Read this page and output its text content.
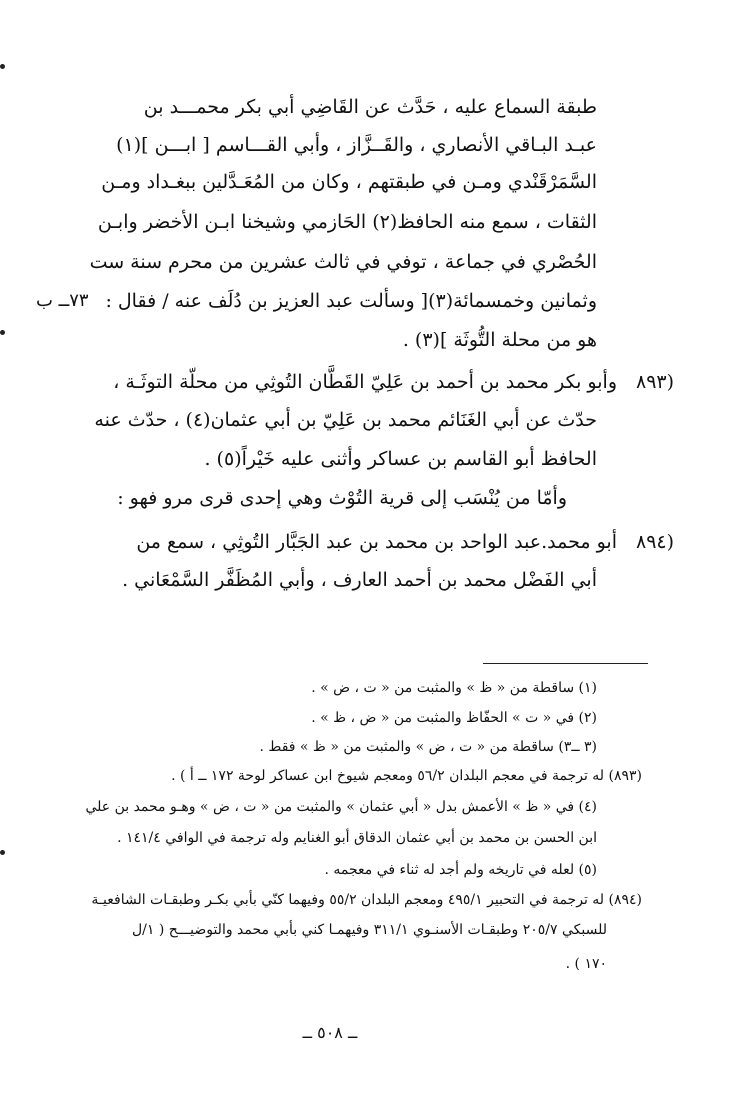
طبقة السماع عليه ، حَدَّث عن القَاضِي أبي بكر محمـــد بن
عبـد البـاقي الأنصاري ، والقَــزَّاز ، وأبي القـــاسم [ ابـــن ](١)
السَّمَرْقَنْدي ومـن في طبقتهم ، وكان من المُعَـدَّلين ببغـداد ومـن
الثقات ، سمع منه الحافظ(٢) الحَازمي وشيخنا ابـن الأخضر وابـن
الحُصْري في جماعة ، توفي في ثالث عشرين من محرم سنة ست
وثمانين وخمسمائة(٣)[ وسألت عبد العزيز بن دُلَف عنه / فقال :
هو من محلة التُّوثَة ](٣) .
٧٣ــ ب
(٨٩٣
وأبو بكر محمد بن أحمد بن عَلِيّ القَطَّان التُوثِي من محلّة التوثَـة ،
حدّث عن أبي الغَنَائم محمد بن عَلِيّ بن أبي عثمان(٤) ، حدّث عنه
الحافظ أبو القاسم بن عساكر وأثنى عليه خَيْراً(٥) .
وأمّا من يُنْسَب إلى قرية التُوْث وهي إحدى قرى مرو فهو :
(٨٩٤
أبو محمد.عبد الواحد بن محمد بن عبد الجَبَّار التُوثِي ، سمع من
أبي الفَضْل محمد بن أحمد العارف ، وأبي المُظَفَّر السَّمْعَاني .
(١) ساقطة من « ظ » والمثبت من « ت ، ض » .
(٢) في « ت » الحفّاظ والمثبت من « ض ، ظ » .
(٣ ــ٣) ساقطة من « ت ، ض » والمثبت من « ظ » فقط .
(٨٩٣) له ترجمة في معجم البلدان ٥٦/٢ ومعجم شيوخ ابن عساكر لوحة ١٧٢ ــ أ ) .
(٤) في « ظ » الأعمش بدل « أبي عثمان » والمثبت من « ت ، ض » وهـو محمد بن علي
ابن الحسن بن محمد بن أبي عثمان الدقاق أبو الغنايم وله ترجمة في الوافي ١٤١/٤ .
(٥) لعله في تاريخه ولم أجد له ثناء في معجمه .
(٨٩٤) له ترجمة في التحبير ٤٩٥/١ ومعجم البلدان ٥٥/٢ وفيهما كنّي بأبي بكـر وطبقـات الشافعيـة
للسبكي ٢٠٥/٧ وطبقـات الأسنـوي ٣١١/١ وفيهمـا كني بأبي محمد والتوضيـــح ( ١/ل
١٧٠ ) .
ــ ٥٠٨ ــ
